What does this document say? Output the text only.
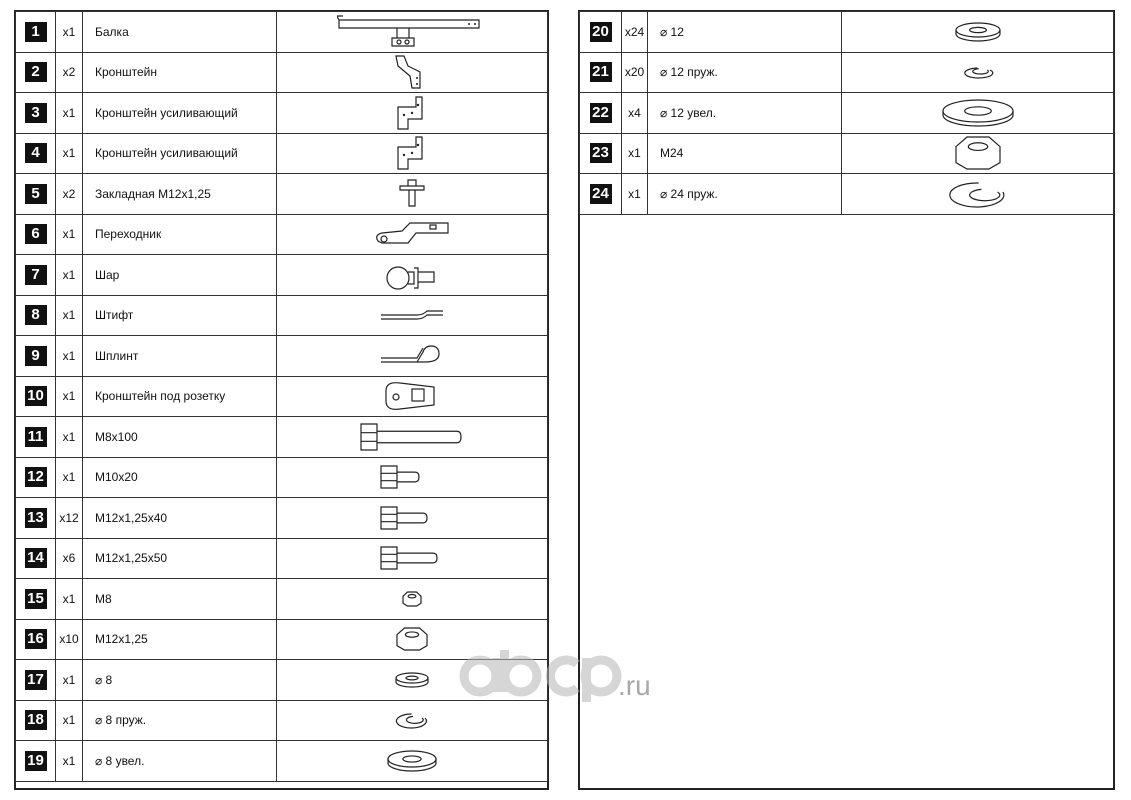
1	x1	Балка	

2	x2	Кронштейн	

3	x1	Кронштейн усиливающий	

4	x1	Кронштейн усиливающий	

5	x2	Закладная М12х1,25	

6	x1	Переходник	

7	x1	Шар	

8	x1	Штифт	

9	x1	Шплинт	

10	x1	Кронштейн под розетку	

11	x1	М8х100	

12	x1	М10х20	

13	x12	М12х1,25х40	

14	x6	М12х1,25х50	

15	x1	М8	

16	x10	М12х1,25	

17	x1	⌀ 8	

18	x1	⌀ 8 пруж.	

19	x1	⌀ 8 увел.	
20	x24	⌀ 12	

21	x20	⌀ 12 пруж.	

22	x4	⌀ 12 увел.	

23	x1	М24	

24	x1	⌀ 24 пруж.	
.ru
